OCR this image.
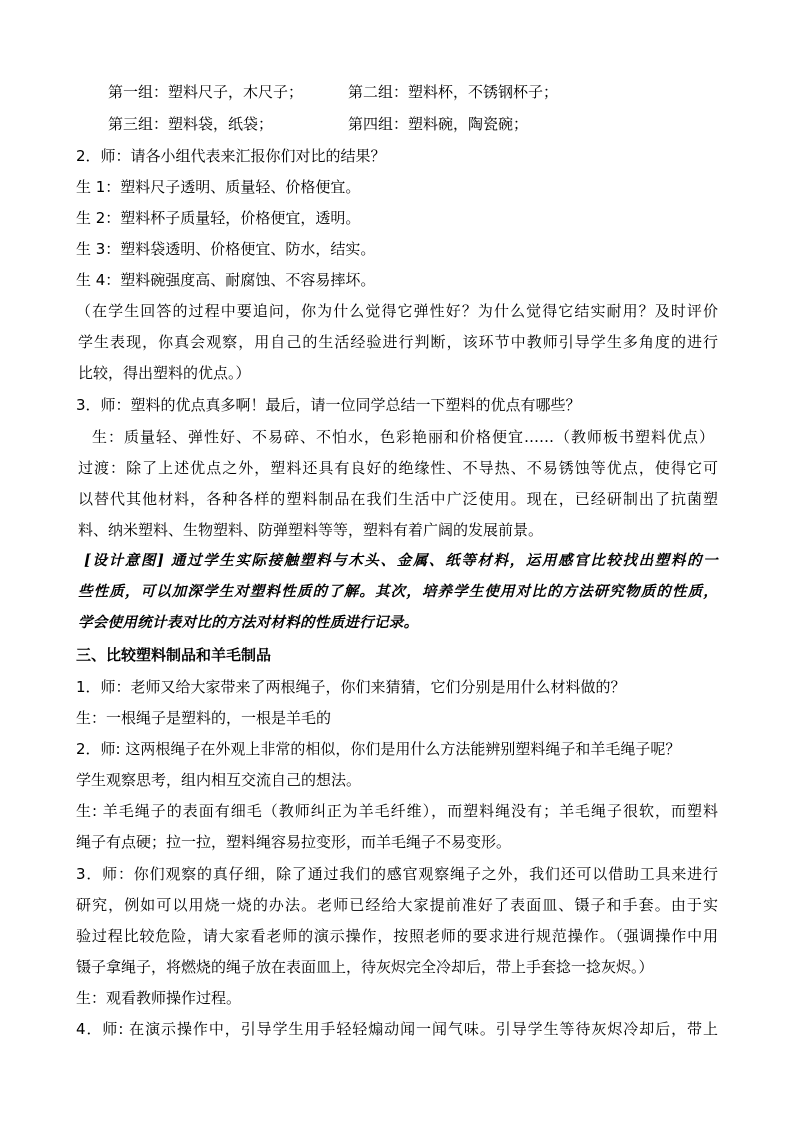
第一组：塑料尺子，木尺子；	第二组：塑料杯，不锈钢杯子；
第三组：塑料袋，纸袋；	第四组：塑料碗，陶瓷碗；
2．师：请各小组代表来汇报你们对比的结果？
生 1：塑料尺子透明、质量轻、价格便宜。
生 2：塑料杯子质量轻，价格便宜，透明。
生 3：塑料袋透明、价格便宜、防水，结实。
生 4：塑料碗强度高、耐腐蚀、不容易摔坏。
（在学生回答的过程中要追问，你为什么觉得它弹性好？为什么觉得它结实耐用？及时评价
学生表现，你真会观察，用自己的生活经验进行判断，该环节中教师引导学生多角度的进行
比较，得出塑料的优点。）
3．师：塑料的优点真多啊！最后，请一位同学总结一下塑料的优点有哪些？
生：质量轻、弹性好、不易碎、不怕水，色彩艳丽和价格便宜……（教师板书塑料优点）
过渡：除了上述优点之外，塑料还具有良好的绝缘性、不导热、不易锈蚀等优点，使得它可
以替代其他材料，各种各样的塑料制品在我们生活中广泛使用。现在，已经研制出了抗菌塑
料、纳米塑料、生物塑料、防弹塑料等等，塑料有着广阔的发展前景。
[设计意图] 通过学生实际接触塑料与木头、金属、纸等材料，运用感官比较找出塑料的一
些性质，可以加深学生对塑料性质的了解。其次，培养学生使用对比的方法研究物质的性质，
学会使用统计表对比的方法对材料的性质进行记录。
三、比较塑料制品和羊毛制品
1．师：老师又给大家带来了两根绳子，你们来猜猜，它们分别是用什么材料做的？
生：一根绳子是塑料的，一根是羊毛的
2．师: 这两根绳子在外观上非常的相似，你们是用什么方法能辨别塑料绳子和羊毛绳子呢？
学生观察思考，组内相互交流自己的想法。
生: 羊毛绳子的表面有细毛（教师纠正为羊毛纤维），而塑料绳没有；羊毛绳子很软，而塑料
绳子有点硬；拉一拉，塑料绳容易拉变形，而羊毛绳子不易变形。
3．师：你们观察的真仔细，除了通过我们的感官观察绳子之外，我们还可以借助工具来进行
研究，例如可以用烧一烧的办法。老师已经给大家提前准好了表面皿、镊子和手套。由于实
验过程比较危险，请大家看老师的演示操作，按照老师的要求进行规范操作。（强调操作中用
镊子拿绳子，将燃烧的绳子放在表面皿上，待灰烬完全冷却后，带上手套捻一捻灰烬。）
生：观看教师操作过程。
4．师: 在演示操作中，引导学生用手轻轻煽动闻一闻气味。引导学生等待灰烬冷却后，带上
